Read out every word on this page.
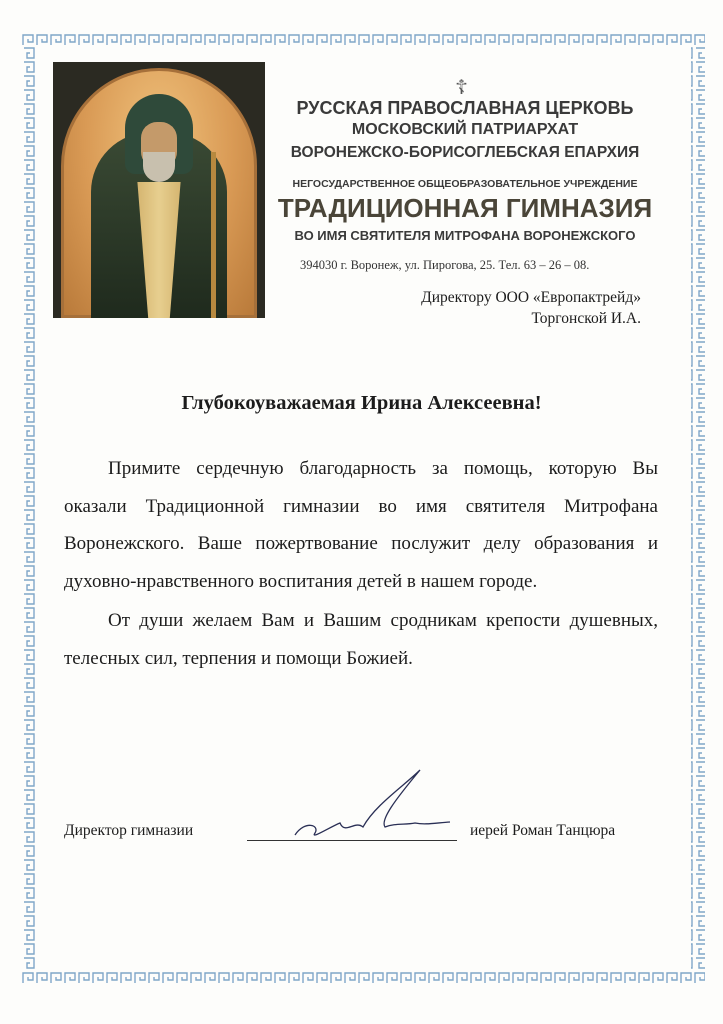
☦
РУССКАЯ ПРАВОСЛАВНАЯ ЦЕРКОВЬ
МОСКОВСКИЙ ПАТРИАРХАТ
ВОРОНЕЖСКО-БОРИСОГЛЕБСКАЯ ЕПАРХИЯ
НЕГОСУДАРСТВЕННОЕ ОБЩЕОБРАЗОВАТЕЛЬНОЕ УЧРЕЖДЕНИЕ
ТРАДИЦИОННАЯ ГИМНАЗИЯ
ВО ИМЯ СВЯТИТЕЛЯ МИТРОФАНА ВОРОНЕЖСКОГО
394030 г. Воронеж, ул. Пирогова, 25. Тел. 63 – 26 – 08.
Директору ООО «Европактрейд»
Торгонской И.А.
Глубокоуважаемая Ирина Алексеевна!

Примите сердечную благодарность за помощь, которую Вы оказали Традиционной гимназии во имя святителя Митрофана Воронежского. Ваше пожертвование послужит делу образования и духовно-нравственного воспитания детей в нашем городе.

От души желаем Вам и Вашим сродникам крепости душевных, телесных сил, терпения и помощи Божией.

Директор гимназии	иерей Роман Танцюра
